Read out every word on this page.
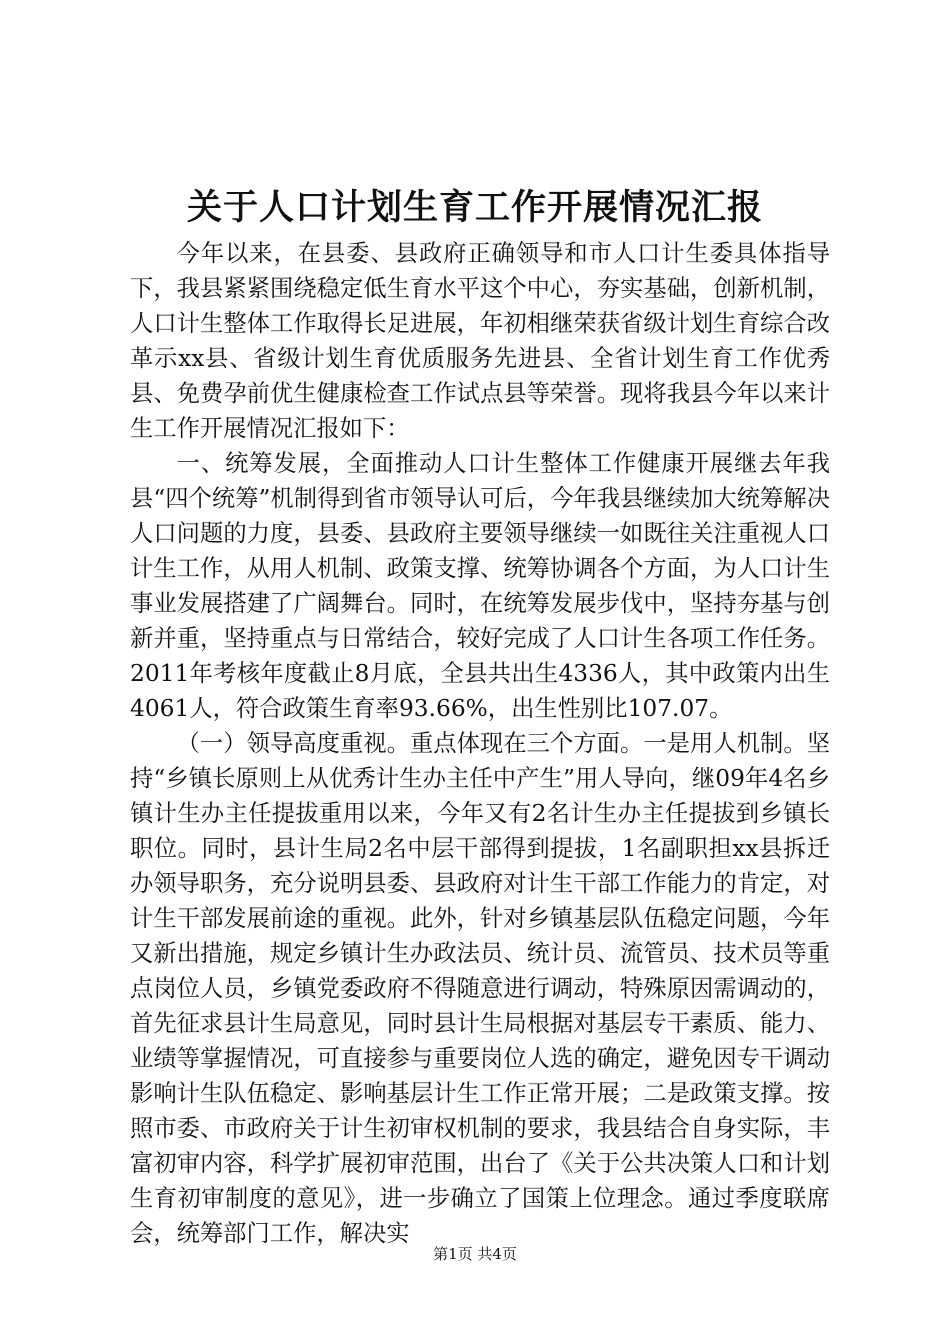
关于人口计划生育工作开展情况汇报

今年以来，在县委、县政府正确领导和市人口计生委具体指导下，我县紧紧围绕稳定低生育水平这个中心，夯实基础，创新机制，人口计生整体工作取得长足进展，年初相继荣获省级计划生育综合改革示xx县、省级计划生育优质服务先进县、全省计划生育工作优秀县、免费孕前优生健康检查工作试点县等荣誉。现将我县今年以来计生工作开展情况汇报如下：

一、统筹发展，全面推动人口计生整体工作健康开展继去年我县“四个统筹”机制得到省市领导认可后，今年我县继续加大统筹解决人口问题的力度，县委、县政府主要领导继续一如既往关注重视人口计生工作，从用人机制、政策支撑、统筹协调各个方面，为人口计生事业发展搭建了广阔舞台。同时，在统筹发展步伐中，坚持夯基与创新并重，坚持重点与日常结合，较好完成了人口计生各项工作任务。2011年考核年度截止8月底，全县共出生4336人，其中政策内出生4061人，符合政策生育率93.66%，出生性别比107.07。

（一）领导高度重视。重点体现在三个方面。一是用人机制。坚持“乡镇长原则上从优秀计生办主任中产生”用人导向，继09年4名乡镇计生办主任提拔重用以来，今年又有2名计生办主任提拔到乡镇长职位。同时，县计生局2名中层干部得到提拔，1名副职担xx县拆迁办领导职务，充分说明县委、县政府对计生干部工作能力的肯定，对计生干部发展前途的重视。此外，针对乡镇基层队伍稳定问题，今年又新出措施，规定乡镇计生办政法员、统计员、流管员、技术员等重点岗位人员，乡镇党委政府不得随意进行调动，特殊原因需调动的，首先征求县计生局意见，同时县计生局根据对基层专干素质、能力、业绩等掌握情况，可直接参与重要岗位人选的确定，避免因专干调动影响计生队伍稳定、影响基层计生工作正常开展；二是政策支撑。按照市委、市政府关于计生初审权机制的要求，我县结合自身实际，丰富初审内容，科学扩展初审范围，出台了《关于公共决策人口和计划生育初审制度的意见》，进一步确立了国策上位理念。通过季度联席会，统筹部门工作，解决实

第1页 共4页
